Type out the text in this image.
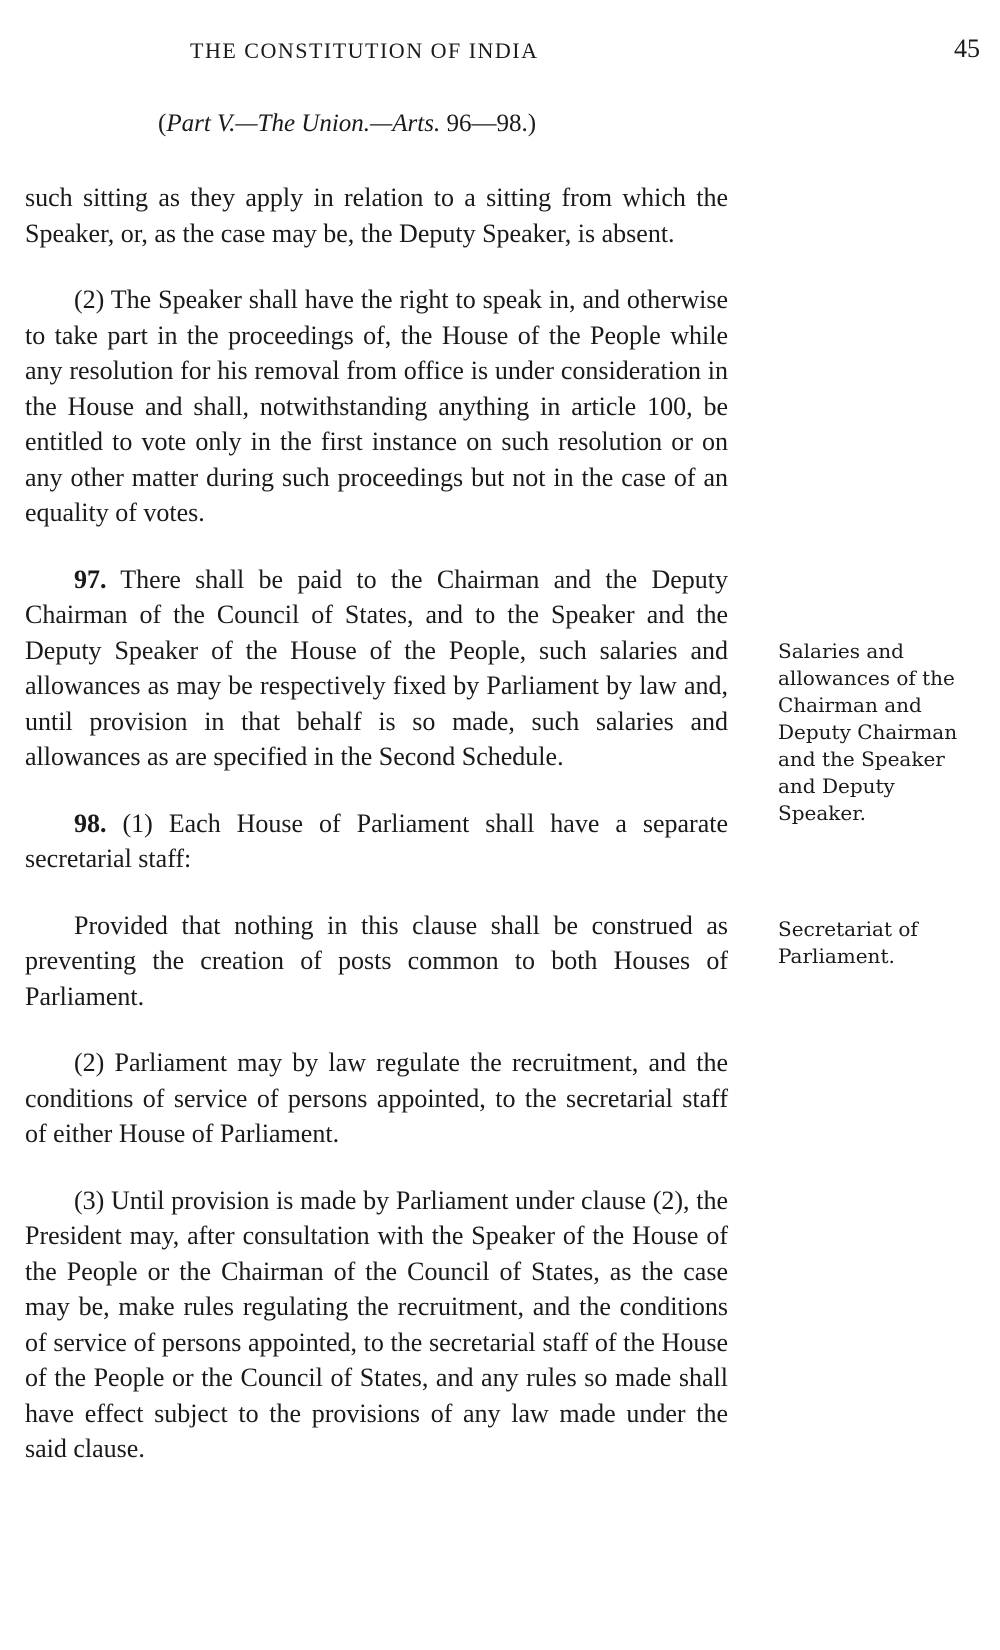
THE CONSTITUTION OF INDIA	45
(Part V.—The Union.—Arts. 96—98.)

such sitting as they apply in relation to a sitting from which the Speaker, or, as the case may be, the Deputy Speaker, is absent.

(2) The Speaker shall have the right to speak in, and otherwise to take part in the proceedings of, the House of the People while any resolution for his removal from office is under consideration in the House and shall, notwithstanding anything in article 100, be entitled to vote only in the first instance on such resolution or on any other matter during such proceedings but not in the case of an equality of votes.

97. There shall be paid to the Chairman and the Deputy Chairman of the Council of States, and to the Speaker and the Deputy Speaker of the House of the People, such salaries and allowances as may be respectively fixed by Parliament by law and, until provision in that behalf is so made, such salaries and allowances as are specified in the Second Schedule.

98. (1) Each House of Parliament shall have a separate secretarial staff:

Provided that nothing in this clause shall be construed as preventing the creation of posts common to both Houses of Parliament.

(2) Parliament may by law regulate the recruitment, and the conditions of service of persons appointed, to the secretarial staff of either House of Parliament.

(3) Until provision is made by Parliament under clause (2), the President may, after consultation with the Speaker of the House of the People or the Chairman of the Council of States, as the case may be, make rules regulating the recruitment, and the conditions of service of persons appointed, to the secretarial staff of the House of the People or the Council of States, and any rules so made shall have effect subject to the provisions of any law made under the said clause.

Salaries and allowances of the Chairman and Deputy Chairman and the Speaker and Deputy Speaker.
Secretariat of Parliament.
